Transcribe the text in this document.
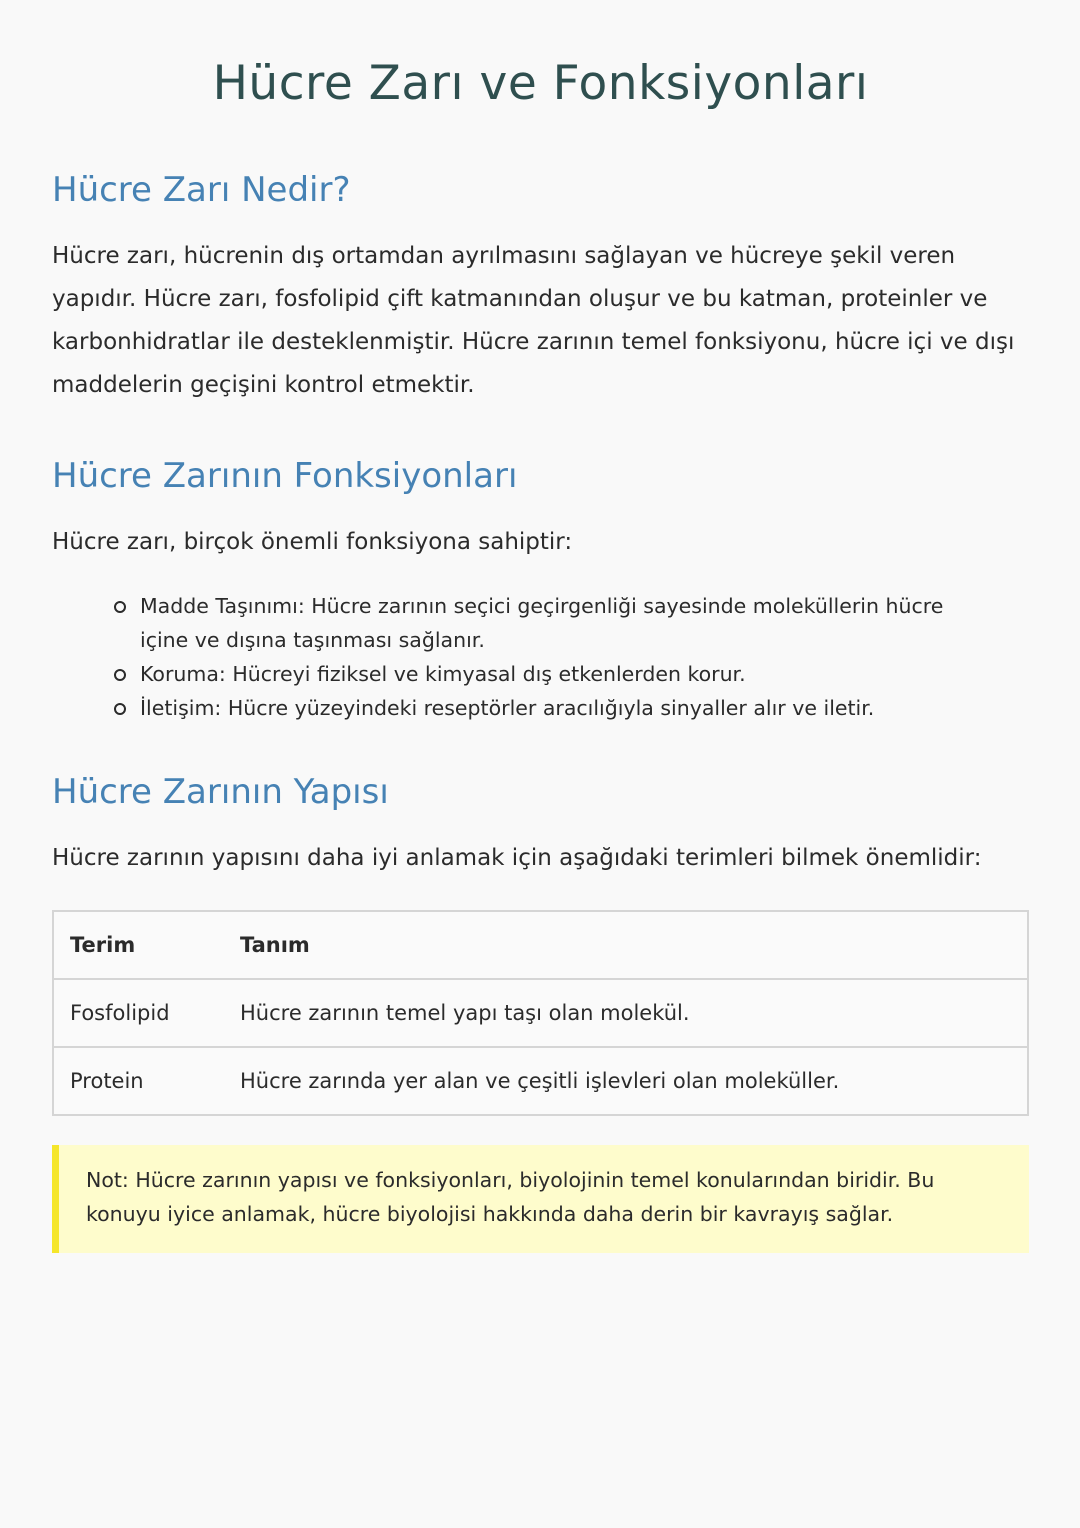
Hücre Zarı ve Fonksiyonları
Hücre Zarı Nedir?

Hücre zarı, hücrenin dış ortamdan ayrılmasını sağlayan ve hücreye şekil veren yapıdır. Hücre zarı, fosfolipid çift katmanından oluşur ve bu katman, proteinler ve karbonhidratlar ile desteklenmiştir. Hücre zarının temel fonksiyonu, hücre içi ve dışı maddelerin geçişini kontrol etmektir.

Hücre Zarının Fonksiyonları

Hücre zarı, birçok önemli fonksiyona sahiptir:

Madde Taşınımı: Hücre zarının seçici geçirgenliği sayesinde moleküllerin hücre içine ve dışına taşınması sağlanır.
Koruma: Hücreyi fiziksel ve kimyasal dış etkenlerden korur.
İletişim: Hücre yüzeyindeki reseptörler aracılığıyla sinyaller alır ve iletir.
Hücre Zarının Yapısı

Hücre zarının yapısını daha iyi anlamak için aşağıdaki terimleri bilmek önemlidir:

Terim	Tanım
Fosfolipid	Hücre zarının temel yapı taşı olan molekül.
Protein	Hücre zarında yer alan ve çeşitli işlevleri olan moleküller.

Not: Hücre zarının yapısı ve fonksiyonları, biyolojinin temel konularından biridir. Bu konuyu iyice anlamak, hücre biyolojisi hakkında daha derin bir kavrayış sağlar.
